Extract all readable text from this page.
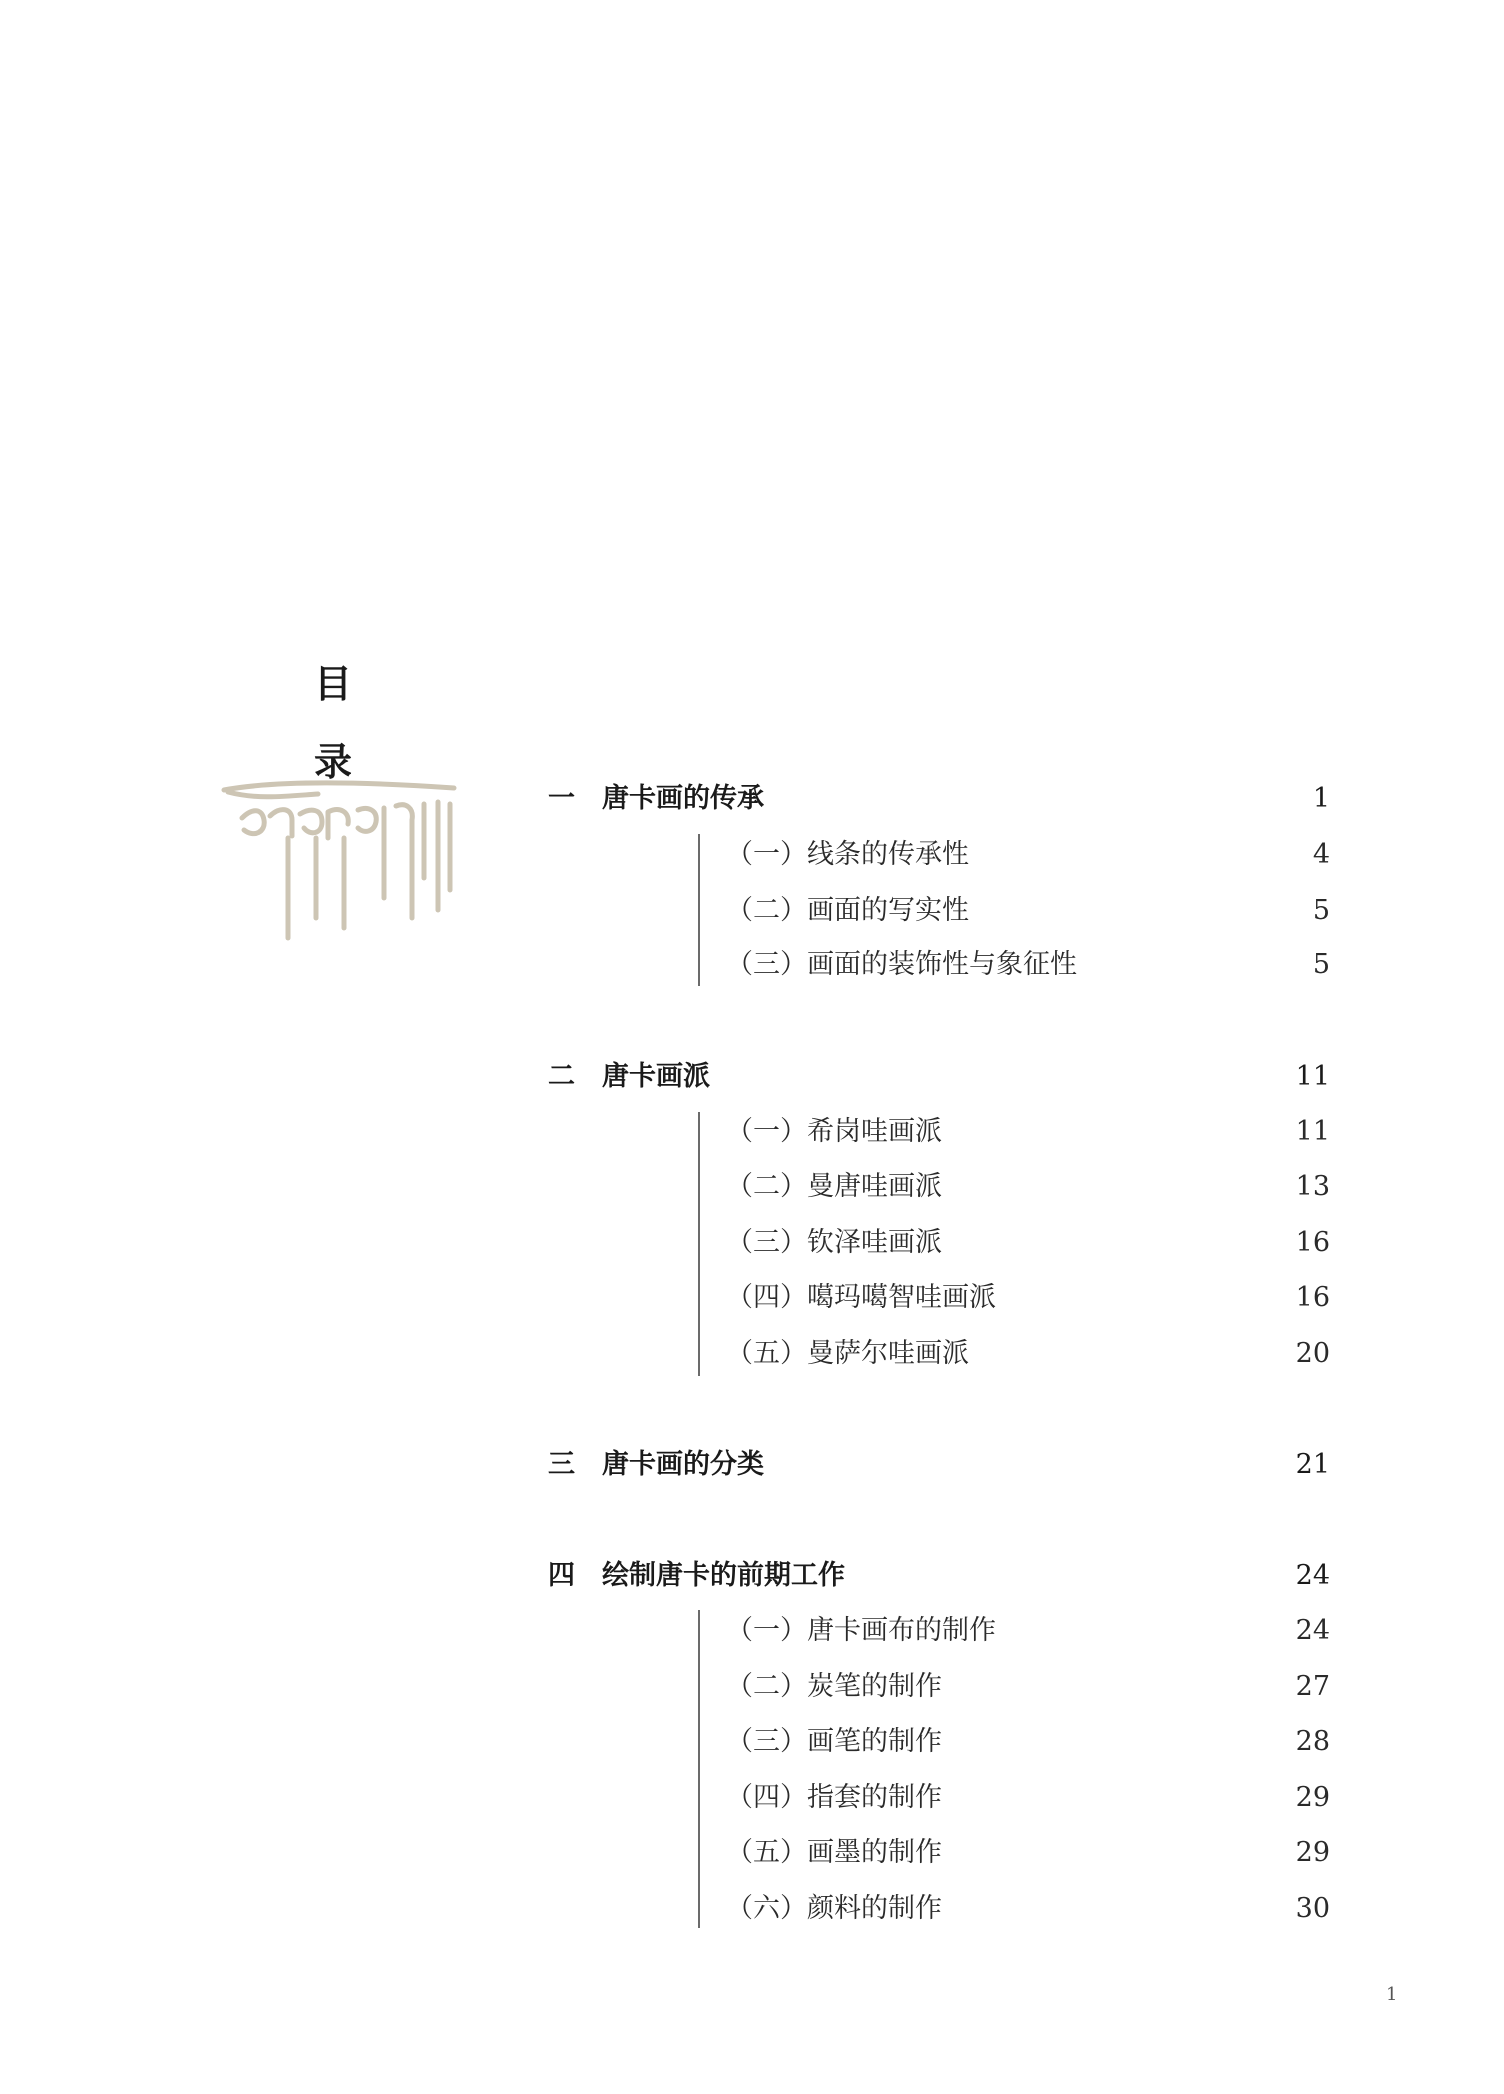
目
录
一 唐卡画的传承	1
（一）线条的传承性	4
（二）画面的写实性	5
（三）画面的装饰性与象征性	5
二 唐卡画派	11
（一）希岗哇画派	11
（二）曼唐哇画派	13
（三）钦泽哇画派	16
（四）噶玛噶智哇画派	16
（五）曼萨尔哇画派	20
三 唐卡画的分类	21
四 绘制唐卡的前期工作	24
（一）唐卡画布的制作	24
（二）炭笔的制作	27
（三）画笔的制作	28
（四）指套的制作	29
（五）画墨的制作	29
（六）颜料的制作	30
1
